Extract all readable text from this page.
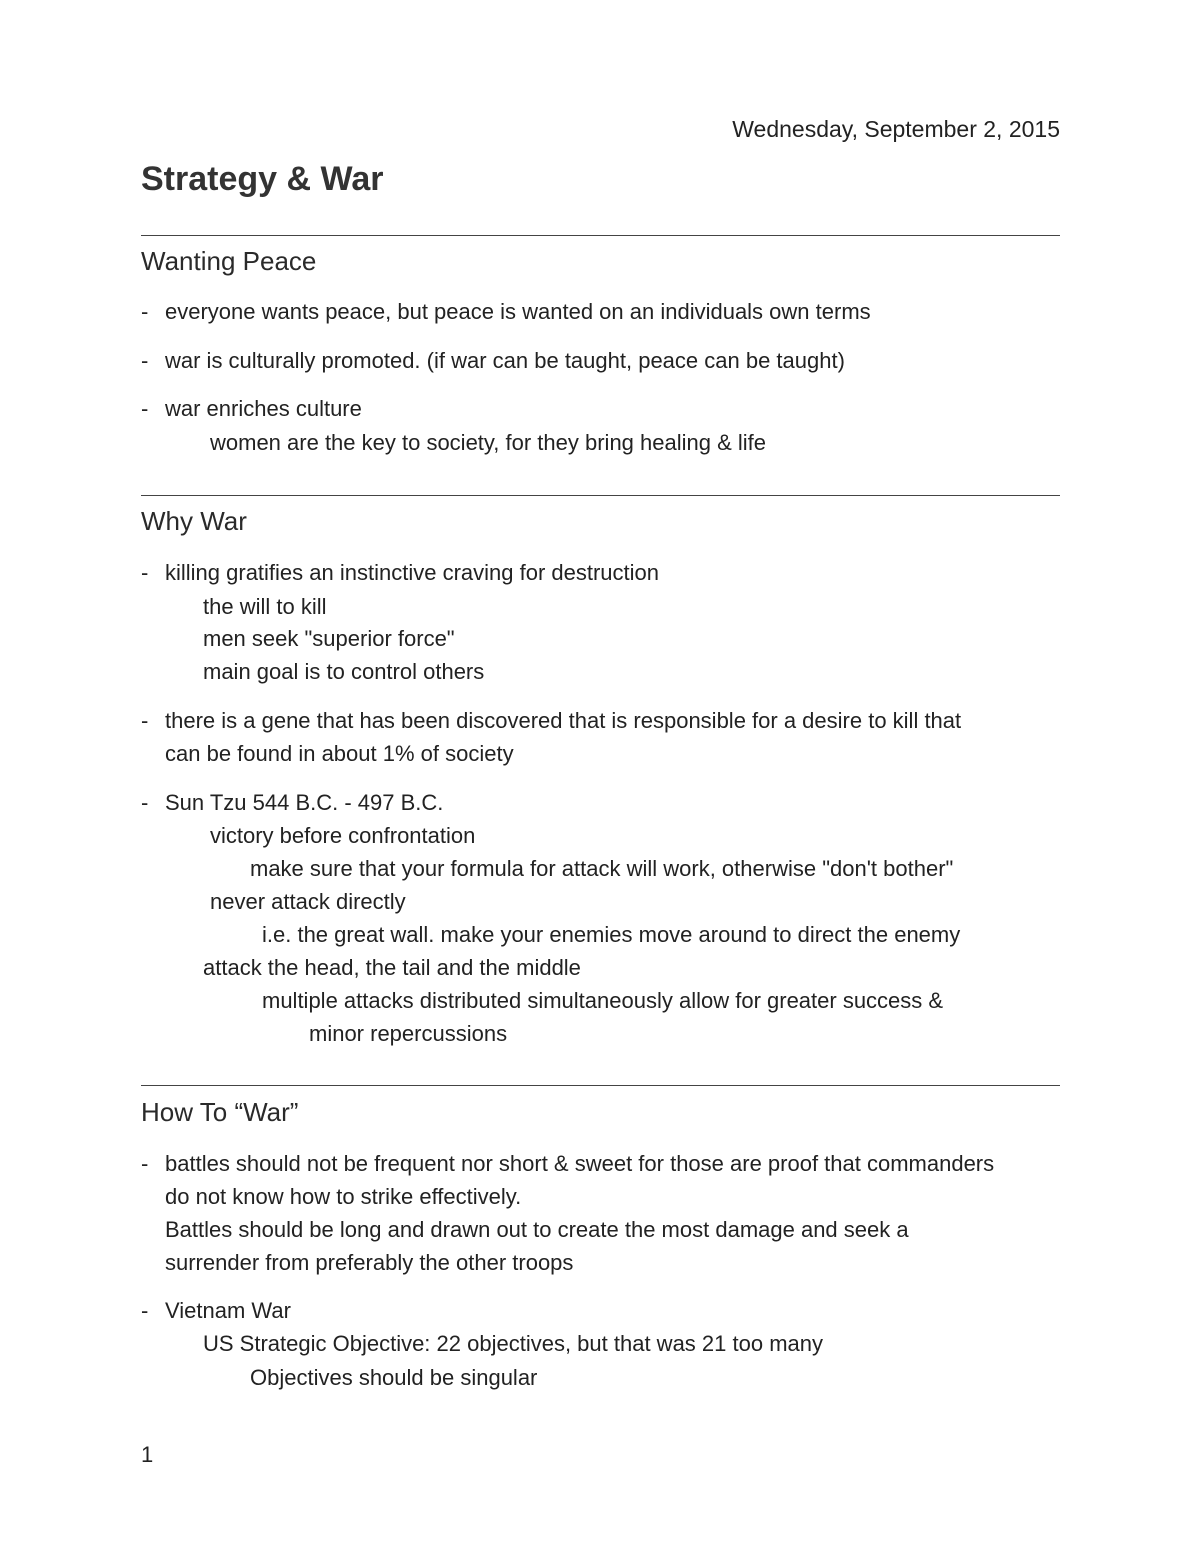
Wednesday, September 2, 2015
Strategy & War
Wanting Peace
- everyone wants peace, but peace is wanted on an individuals own terms
- war is culturally promoted. (if war can be taught, peace can be taught)
- war enriches culture
women are the key to society, for they bring healing & life
Why War
- killing gratifies an instinctive craving for destruction
the will to kill
men seek "superior force"
main goal is to control others
- there is a gene that has been discovered that is responsible for a desire to kill that
can be found in about 1% of society
- Sun Tzu 544 B.C. - 497 B.C.
victory before confrontation
make sure that your formula for attack will work, otherwise "don't bother"
never attack directly
i.e. the great wall. make your enemies move around to direct the enemy
attack the head, the tail and the middle
multiple attacks distributed simultaneously allow for greater success &
minor repercussions
How To “War”
- battles should not be frequent nor short & sweet for those are proof that commanders
do not know how to strike effectively.
Battles should be long and drawn out to create the most damage and seek a
surrender from preferably the other troops
- Vietnam War
US Strategic Objective: 22 objectives, but that was 21 too many
Objectives should be singular
1
